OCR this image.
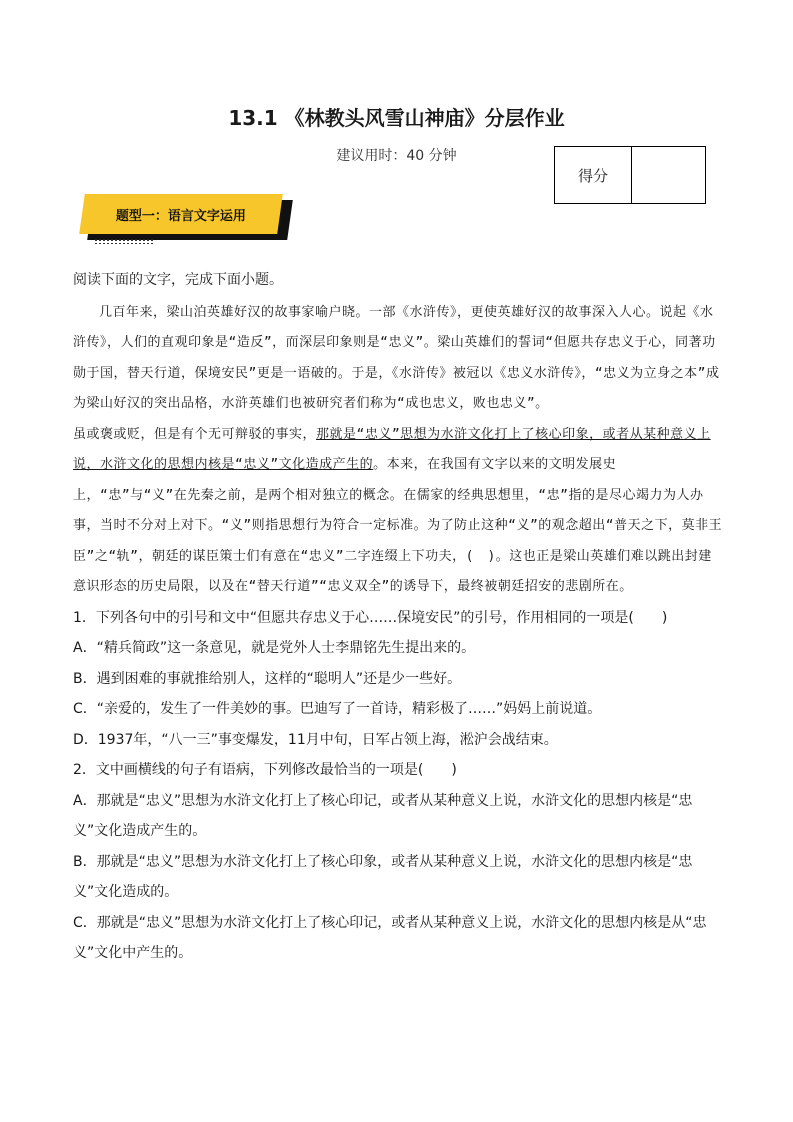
13.1 《林教头风雪山神庙》分层作业
建议用时：40 分钟
得分
题型一：语言文字运用

阅读下面的文字，完成下面小题。

几百年来，梁山泊英雄好汉的故事家喻户晓。一部《水浒传》，更使英雄好汉的故事深入人心。说起《水浒传》，人们的直观印象是“造反”，而深层印象则是“忠义”。梁山英雄们的誓词“但愿共存忠义于心，同著功勋于国，替天行道，保境安民”更是一语破的。于是，《水浒传》被冠以《忠义水浒传》，“忠义为立身之本”成为梁山好汉的突出品格，水浒英雄们也被研究者们称为“成也忠义，败也忠义”。

虽或褒或贬，但是有个无可辩驳的事实，那就是“忠义”思想为水浒文化打上了核心印象，或者从某种意义上说，水浒文化的思想内核是“忠义”文化造成产生的。本来，在我国有文字以来的文明发展史上，“忠”与“义”在先秦之前，是两个相对独立的概念。在儒家的经典思想里，“忠”指的是尽心竭力为人办事，当时不分对上对下。“义”则指思想行为符合一定标准。为了防止这种“义”的观念超出“普天之下，莫非王臣”之“轨”，朝廷的谋臣策士们有意在“忠义”二字连缀上下功夫，(　)。这也正是梁山英雄们难以跳出封建意识形态的历史局限，以及在“替天行道”“忠义双全”的诱导下，最终被朝廷招安的悲剧所在。

1．下列各句中的引号和文中“但愿共存忠义于心……保境安民”的引号，作用相同的一项是(　　)

A．“精兵简政”这一条意见，就是党外人士李鼎铭先生提出来的。

B．遇到困难的事就推给别人，这样的“聪明人”还是少一些好。

C．“亲爱的，发生了一件美妙的事。巴迪写了一首诗，精彩极了……”妈妈上前说道。

D．1937年，“八一三”事变爆发，11月中旬，日军占领上海，淞沪会战结束。

2．文中画横线的句子有语病，下列修改最恰当的一项是(　　)

A．那就是“忠义”思想为水浒文化打上了核心印记，或者从某种意义上说，水浒文化的思想内核是“忠义”文化造成产生的。

B．那就是“忠义”思想为水浒文化打上了核心印象，或者从某种意义上说，水浒文化的思想内核是“忠义”文化造成的。

C．那就是“忠义”思想为水浒文化打上了核心印记，或者从某种意义上说，水浒文化的思想内核是从“忠义”文化中产生的。
